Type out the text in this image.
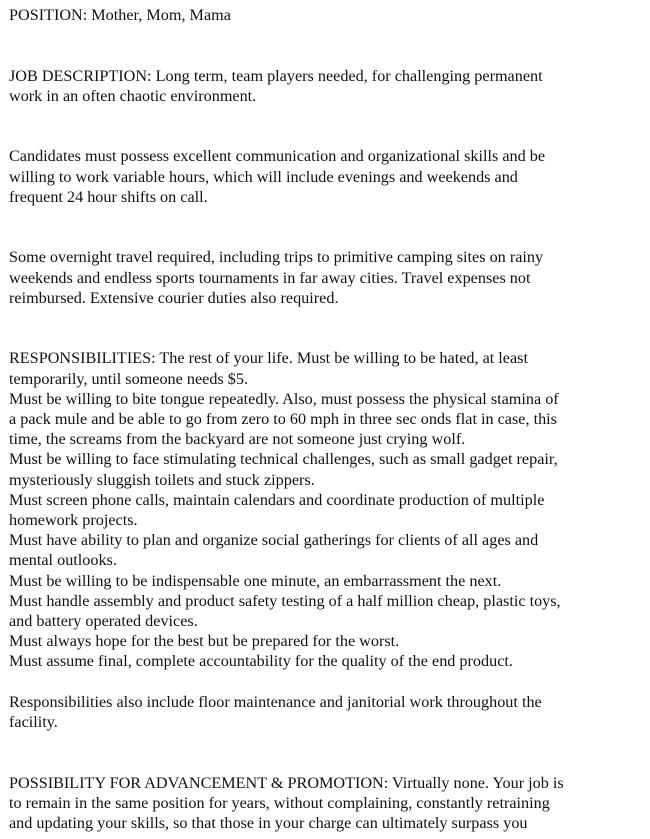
POSITION: Mother, Mom, Mama

JOB DESCRIPTION: Long term, team players needed, for challenging permanent
work in an often chaotic environment.

Candidates must possess excellent communication and organizational skills and be
willing to work variable hours, which will include evenings and weekends and
frequent 24 hour shifts on call.

Some overnight travel required, including trips to primitive camping sites on rainy
weekends and endless sports tournaments in far away cities. Travel expenses not
reimbursed. Extensive courier duties also required.

RESPONSIBILITIES: The rest of your life. Must be willing to be hated, at least
temporarily, until someone needs $5.

Must be willing to bite tongue repeatedly. Also, must possess the physical stamina of
a pack mule and be able to go from zero to 60 mph in three sec onds flat in case, this
time, the screams from the backyard are not someone just crying wolf.

Must be willing to face stimulating technical challenges, such as small gadget repair,
mysteriously sluggish toilets and stuck zippers.

Must screen phone calls, maintain calendars and coordinate production of multiple
homework projects.

Must have ability to plan and organize social gatherings for clients of all ages and
mental outlooks.

Must be willing to be indispensable one minute, an embarrassment the next.

Must handle assembly and product safety testing of a half million cheap, plastic toys,
and battery operated devices.

Must always hope for the best but be prepared for the worst.

Must assume final, complete accountability for the quality of the end product.

Responsibilities also include floor maintenance and janitorial work throughout the
facility.

POSSIBILITY FOR ADVANCEMENT & PROMOTION: Virtually none. Your job is
to remain in the same position for years, without complaining, constantly retraining
and updating your skills, so that those in your charge can ultimately surpass you
